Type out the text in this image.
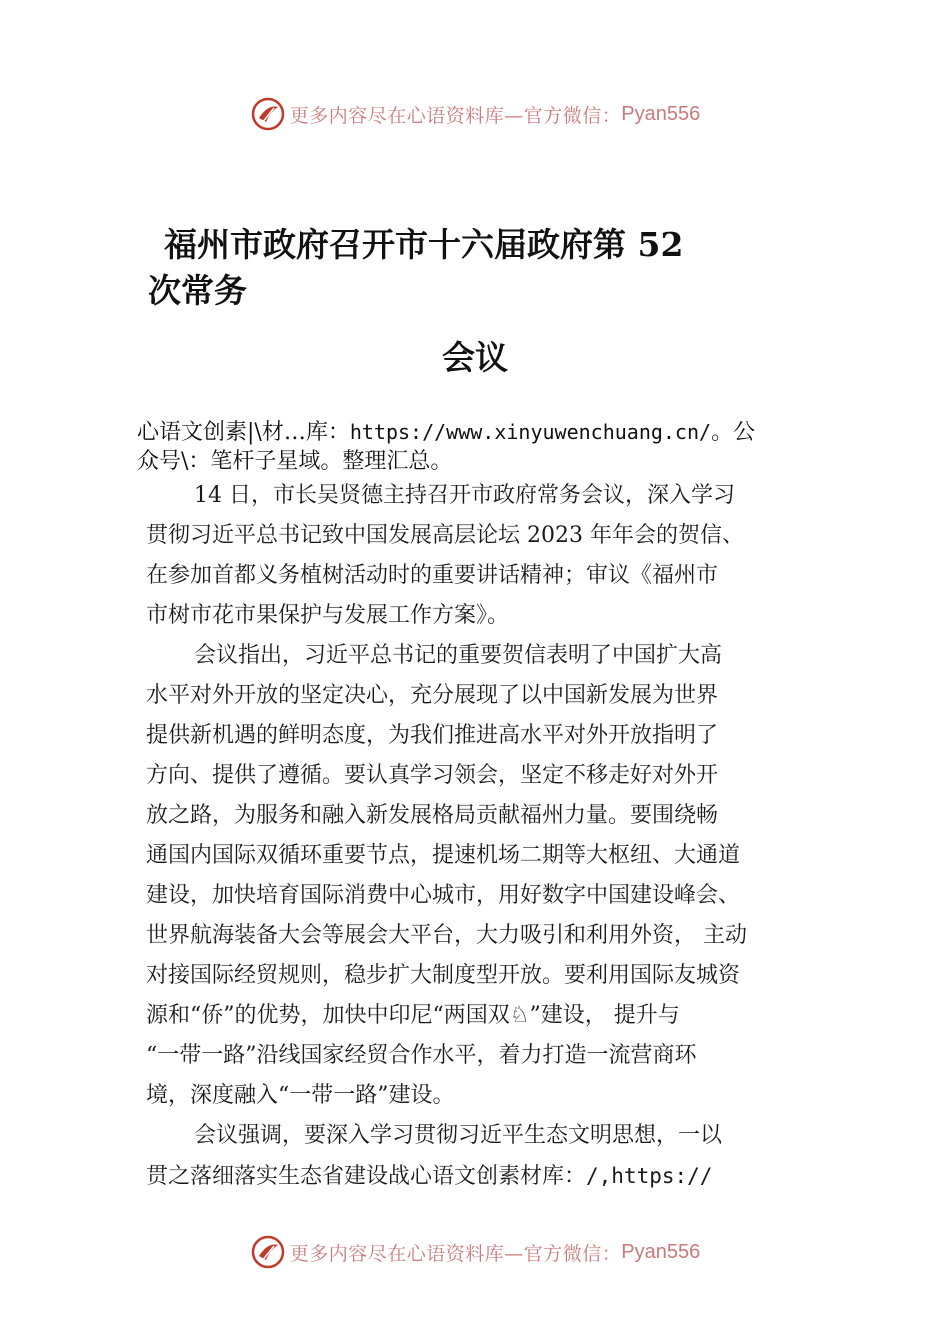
更多内容尽在心语资料库—官方微信： Pyan556
福州市政府召开市十六届政府第 52
次常务
会议
心语文创素|\材…库：https://www.xinyuwenchuang.cn/。公
众号\：笔杆子星域。整理汇总。
14 日，市长吴贤德主持召开市政府常务会议，深入学习
贯彻习近平总书记致中国发展高层论坛 2023 年年会的贺信、
在参加首都义务植树活动时的重要讲话精神；审议《福州市
市树市花市果保护与发展工作方案》。
会议指出，习近平总书记的重要贺信表明了中国扩大高
水平对外开放的坚定决心，充分展现了以中国新发展为世界
提供新机遇的鲜明态度，为我们推进高水平对外开放指明了
方向、提供了遵循。要认真学习领会，坚定不移走好对外开
放之路，为服务和融入新发展格局贡献福州力量。要围绕畅
通国内国际双循环重要节点，提速机场二期等大枢纽、大通道
建设，加快培育国际消费中心城市，用好数字中国建设峰会、
世界航海装备大会等展会大平台，大力吸引和利用外资， 主动
对接国际经贸规则，稳步扩大制度型开放。要利用国际友城资
源和“侨”的优势，加快中印尼“两国双♘”建设， 提升与
“一带一路”沿线国家经贸合作水平，着力打造一流营商环
境，深度融入“一带一路”建设。
会议强调，要深入学习贯彻习近平生态文明思想，一以
贯之落细落实生态省建设战心语文创素材库：/,https://
更多内容尽在心语资料库—官方微信： Pyan556
